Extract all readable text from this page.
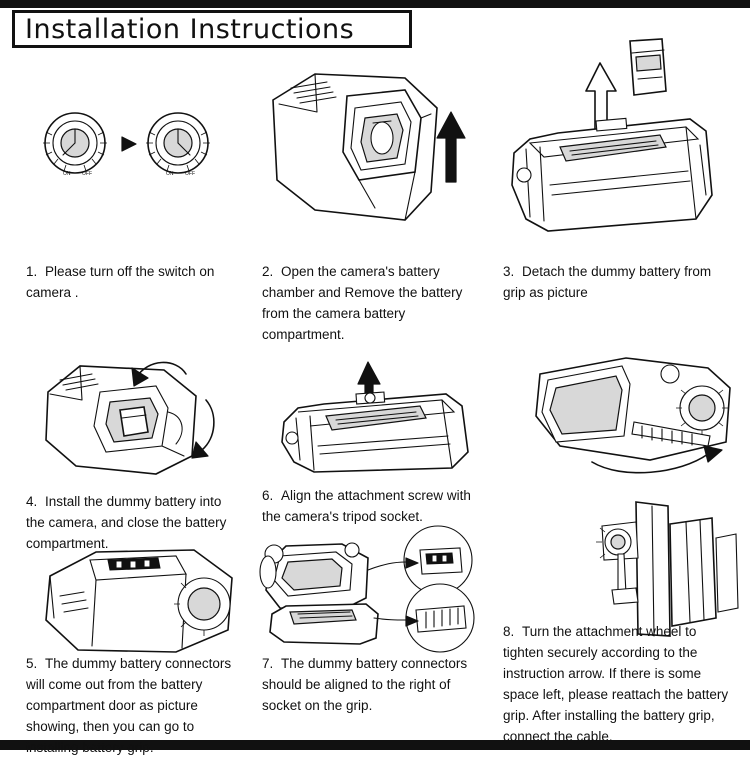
Installation Instructions
ON OFF	ON OFF
1. Please turn off the switch on camera .
2. Open the camera's battery chamber and Remove the battery from the camera battery compartment.
3. Detach the dummy battery from grip as picture
4. Install the dummy battery into the camera, and close the battery compartment.
6. Align the attachment screw with the camera's tripod socket.
5. The dummy battery connectors will come out from the battery compartment door as picture showing, then you can go to installing battery grip.
7. The dummy battery connectors should be aligned to the right of socket on the grip.
8. Turn the attachment wheel to tighten securely according to the instruction arrow. If there is some space left, please reattach the battery grip. After installing the battery grip, connect the cable.
